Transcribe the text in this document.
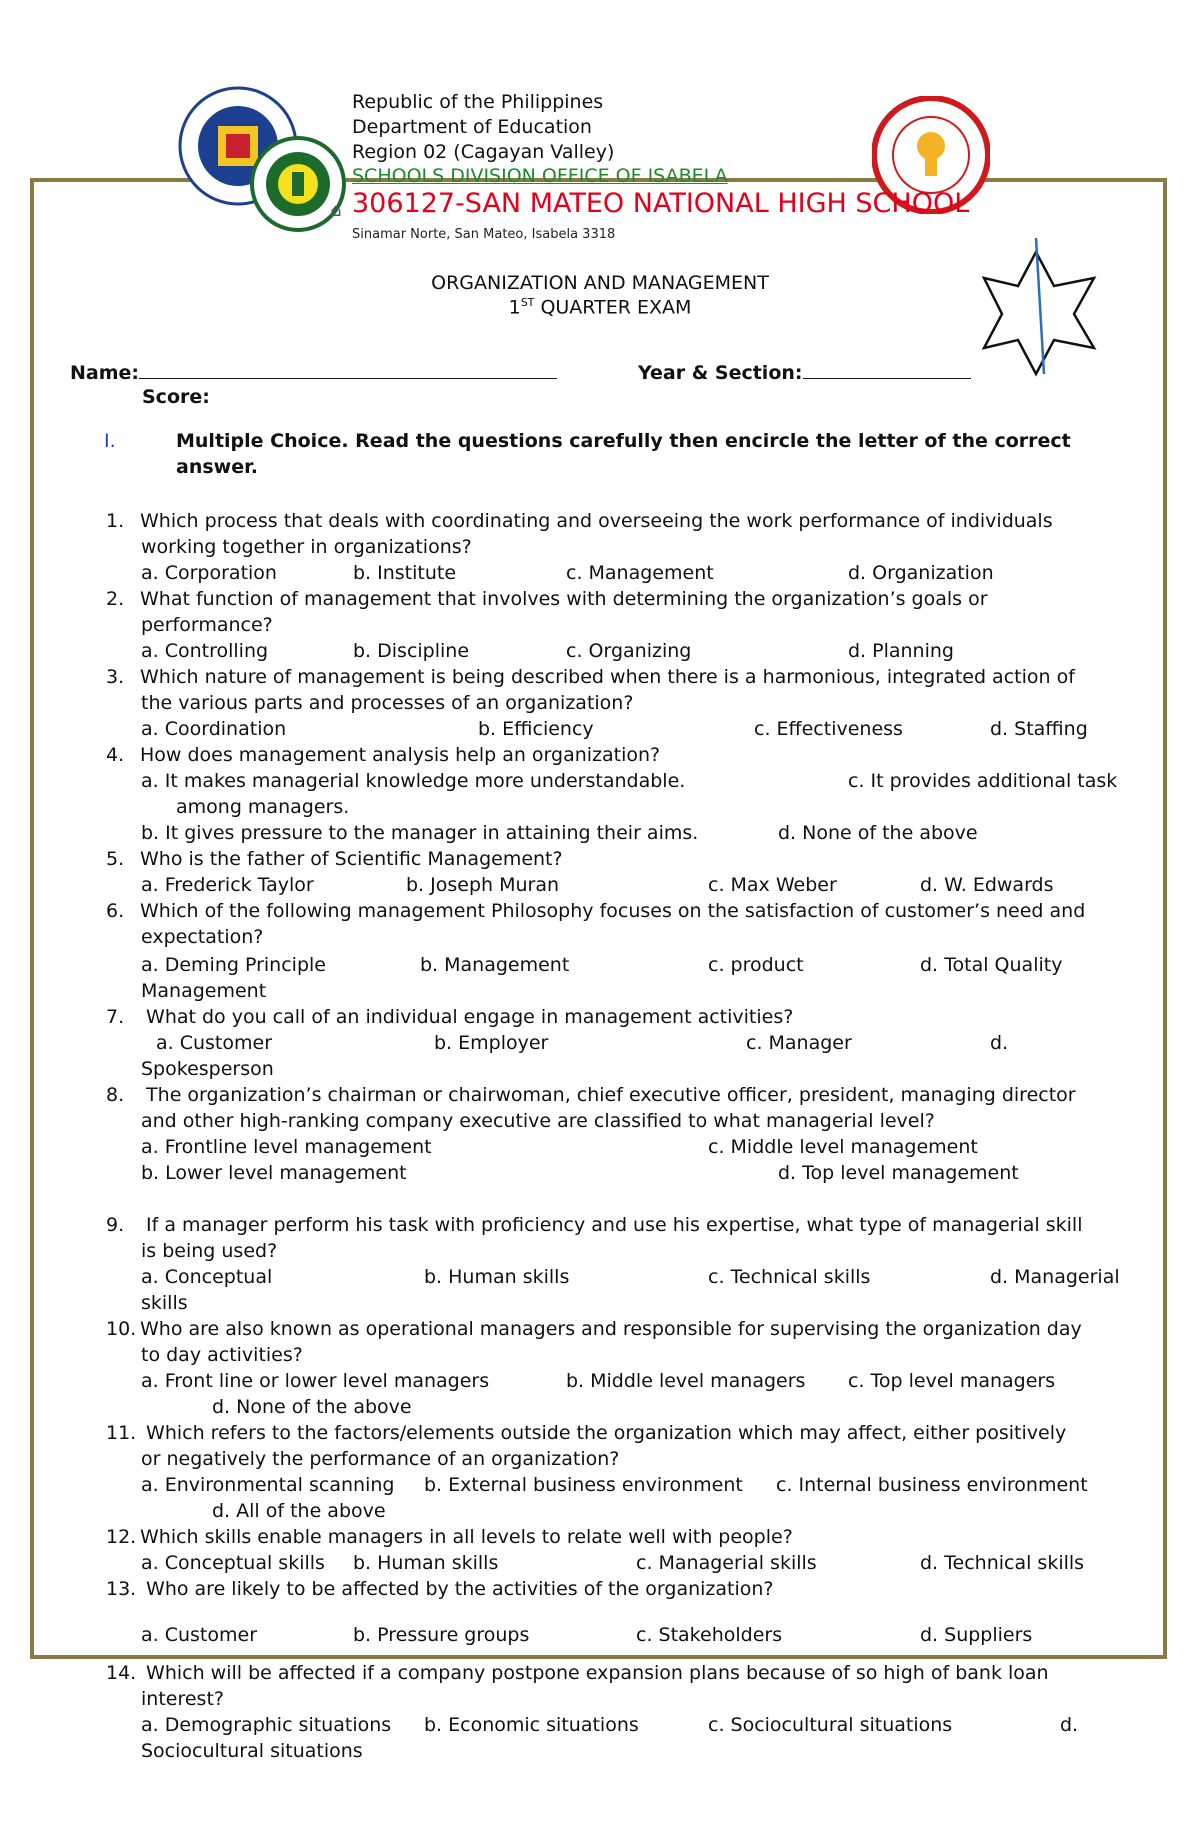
Republic of the Philippines
Department of Education
Region 02 (Cagayan Valley)
SCHOOLS DIVISION OFFICE OF ISABELA
⌂ 306127-SAN MATEO NATIONAL HIGH SCHOOL
Sinamar Norte, San Mateo, Isabela 3318
ORGANIZATION AND MANAGEMENT
1ST QUARTER EXAM
Name:	Year & Section:
Score:
I.	Multiple Choice. Read the questions carefully then encircle the letter of the correct
answer.
1. Which process that deals with coordinating and overseeing the work performance of individuals
working together in organizations?
a. Corporation	b. Institute	c. Management	d. Organization
2. What function of management that involves with determining the organization’s goals or
performance?
a. Controlling	b. Discipline	c. Organizing	d. Planning
3. Which nature of management is being described when there is a harmonious, integrated action of
the various parts and processes of an organization?
a. Coordination	b. Efficiency	c. Effectiveness	d. Staffing
4. How does management analysis help an organization?
a. It makes managerial knowledge more understandable.	c. It provides additional task
among managers.
b. It gives pressure to the manager in attaining their aims.	d. None of the above
5. Who is the father of Scientific Management?
a. Frederick Taylor	b. Joseph Muran	c. Max Weber	d. W. Edwards
6. Which of the following management Philosophy focuses on the satisfaction of customer’s need and
expectation?
a. Deming Principle	b. Management	c. product	d. Total Quality
Management
7. What do you call of an individual engage in management activities?
a. Customer	b. Employer	c. Manager	d.
Spokesperson
8. The organization’s chairman or chairwoman, chief executive officer, president, managing director
and other high-ranking company executive are classified to what managerial level?
a. Frontline level management	c. Middle level management
b. Lower level management	d. Top level management
9. If a manager perform his task with proficiency and use his expertise, what type of managerial skill
is being used?
a. Conceptual	b. Human skills	c. Technical skills	d. Managerial
skills
10. Who are also known as operational managers and responsible for supervising the organization day
to day activities?
a. Front line or lower level managers	b. Middle level managers c. Top level managers
d. None of the above
11. Which refers to the factors/elements outside the organization which may affect, either positively
or negatively the performance of an organization?
a. Environmental scanning b. External business environment c. Internal business environment
d. All of the above
12. Which skills enable managers in all levels to relate well with people?
a. Conceptual skills b. Human skills	c. Managerial skills	d. Technical skills
13. Who are likely to be affected by the activities of the organization?
a. Customer	b. Pressure groups	c. Stakeholders	d. Suppliers
14. Which will be affected if a company postpone expansion plans because of so high of bank loan
interest?
a. Demographic situations b. Economic situations	c. Sociocultural situations	d.
Sociocultural situations
